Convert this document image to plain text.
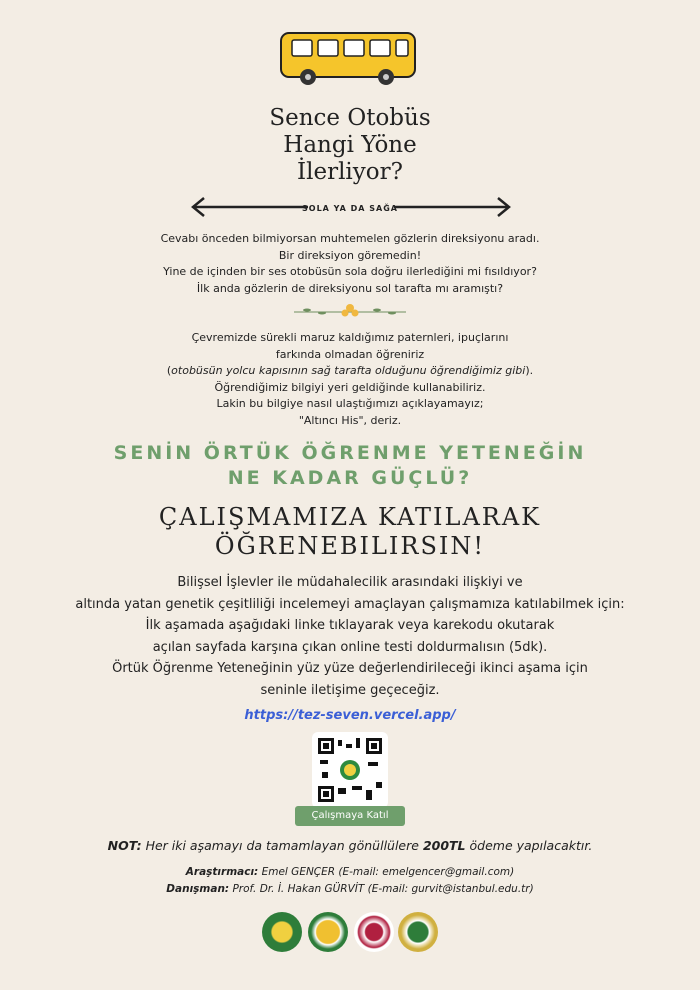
Sence Otobüs
Hangi Yöne
İlerliyor?
SOLA YA DA SAĞA
Cevabı önceden bilmiyorsan muhtemelen gözlerin direksiyonu aradı.
Bir direksiyon göremedin!
Yine de içinden bir ses otobüsün sola doğru ilerlediğini mi fısıldıyor?
İlk anda gözlerin de direksiyonu sol tarafta mı aramıştı?
Çevremizde sürekli maruz kaldığımız paternleri, ipuçlarını
farkında olmadan öğreniriz
(otobüsün yolcu kapısının sağ tarafta olduğunu öğrendiğimiz gibi).
Öğrendiğimiz bilgiyi yeri geldiğinde kullanabiliriz.
Lakin bu bilgiye nasıl ulaştığımızı açıklayamayız;
"Altıncı His", deriz.
SENİN ÖRTÜK ÖĞRENME YETENEĞİN
NE KADAR GÜÇLÜ?
ÇALIŞMAMIZA KATILARAK
ÖĞRENEBILIRSIN!
Bilişsel İşlevler ile müdahalecilik arasındaki ilişkiyi ve
altında yatan genetik çeşitliliği incelemeyi amaçlayan çalışmamıza katılabilmek için:
İlk aşamada aşağıdaki linke tıklayarak veya karekodu okutarak
açılan sayfada karşına çıkan online testi doldurmalısın (5dk).
Örtük Öğrenme Yeteneğinin yüz yüze değerlendirileceği ikinci aşama için
seninle iletişime geçeceğiz.
https://tez-seven.vercel.app/
Çalışmaya Katıl
NOT: Her iki aşamayı da tamamlayan gönüllülere 200TL ödeme yapılacaktır.
Araştırmacı: Emel GENÇER (E-mail: emelgencer@gmail.com)
Danışman: Prof. Dr. İ. Hakan GÜRVİT (E-mail: gurvit@istanbul.edu.tr)
